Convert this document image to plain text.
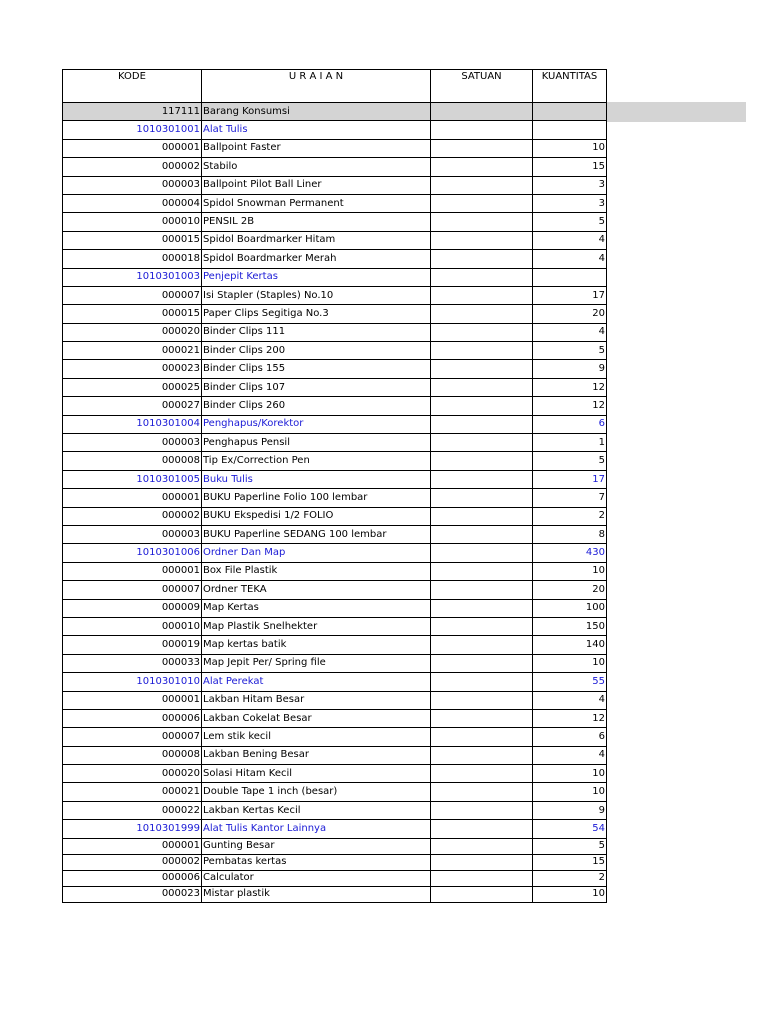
KODE	U R A I A N	SATUAN	KUANTITAS
117111	Barang Konsumsi		
1010301001	Alat Tulis		
000001	Ballpoint Faster		10
000002	Stabilo		15
000003	Ballpoint Pilot Ball Liner		3
000004	Spidol Snowman Permanent		3
000010	PENSIL 2B		5
000015	Spidol Boardmarker Hitam		4
000018	Spidol Boardmarker Merah		4
1010301003	Penjepit Kertas		
000007	Isi Stapler (Staples) No.10		17
000015	Paper Clips Segitiga No.3		20
000020	Binder Clips 111		4
000021	Binder Clips 200		5
000023	Binder Clips 155		9
000025	Binder Clips 107		12
000027	Binder Clips 260		12
1010301004	Penghapus/Korektor		6
000003	Penghapus Pensil		1
000008	Tip Ex/Correction Pen		5
1010301005	Buku Tulis		17
000001	BUKU Paperline Folio 100 lembar		7
000002	BUKU Ekspedisi 1/2 FOLIO		2
000003	BUKU Paperline SEDANG 100 lembar		8
1010301006	Ordner Dan Map		430
000001	Box File Plastik		10
000007	Ordner TEKA		20
000009	Map Kertas		100
000010	Map Plastik Snelhekter		150
000019	Map kertas batik		140
000033	Map Jepit Per/ Spring file		10
1010301010	Alat Perekat		55
000001	Lakban Hitam Besar		4
000006	Lakban Cokelat Besar		12
000007	Lem stik kecil		6
000008	Lakban Bening Besar		4
000020	Solasi Hitam Kecil		10
000021	Double Tape 1 inch (besar)		10
000022	Lakban Kertas Kecil		9
1010301999	Alat Tulis Kantor Lainnya		54
000001	Gunting Besar		5
000002	Pembatas kertas		15
000006	Calculator		2
000023	Mistar plastik		10
